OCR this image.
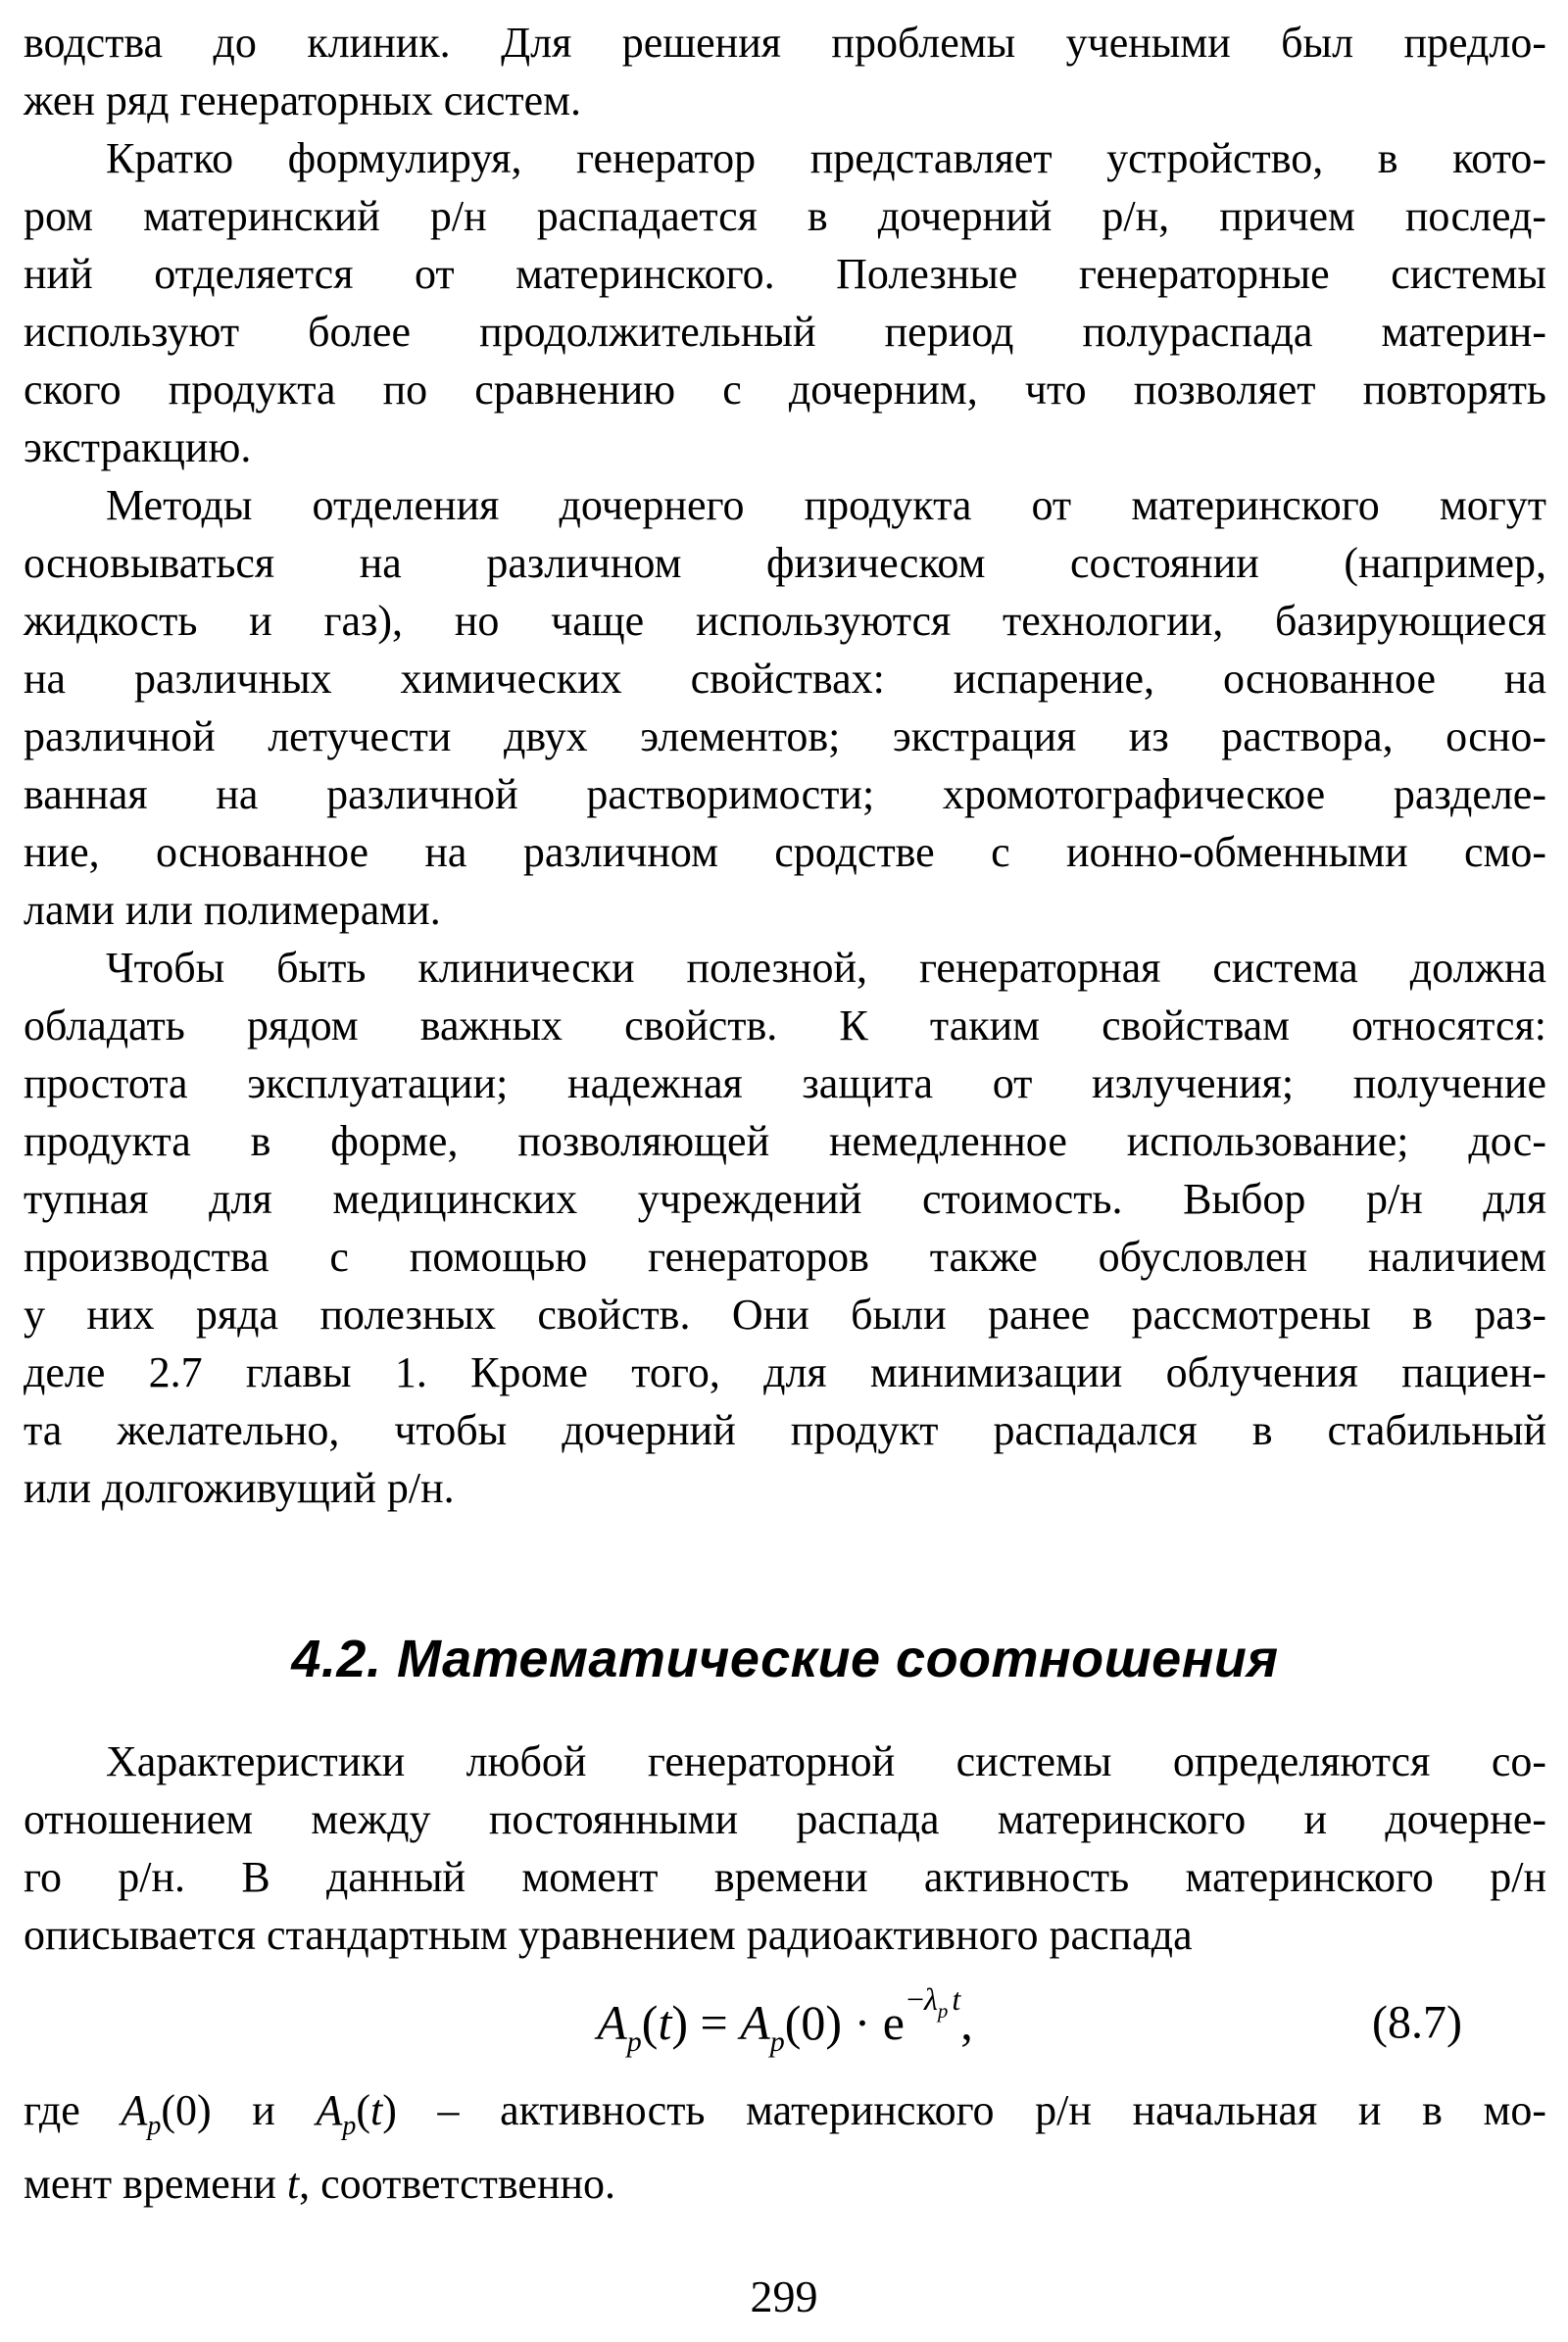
водства до клиник. Для решения проблемы учеными был предло-
жен ряд генераторных систем.
Кратко формулируя, генератор представляет устройство, в кото-
ром материнский р/н распадается в дочерний р/н, причем послед-
ний отделяется от материнского. Полезные генераторные системы
используют более продолжительный период полураспада материн-
ского продукта по сравнению с дочерним, что позволяет повторять
экстракцию.
Методы отделения дочернего продукта от материнского могут
основываться на различном физическом состоянии (например,
жидкость и газ), но чаще используются технологии, базирующиеся
на различных химических свойствах: испарение, основанное на
различной летучести двух элементов; экстрация из раствора, осно-
ванная на различной растворимости; хромотографическое разделе-
ние, основанное на различном сродстве с ионно-обменными смо-
лами или полимерами.
Чтобы быть клинически полезной, генераторная система должна
обладать рядом важных свойств. К таким свойствам относятся:
простота эксплуатации; надежная защита от излучения; получение
продукта в форме, позволяющей немедленное использование; дос-
тупная для медицинских учреждений стоимость. Выбор р/н для
производства с помощью генераторов также обусловлен наличием
у них ряда полезных свойств. Они были ранее рассмотрены в раз-
деле 2.7 главы 1. Кроме того, для минимизации облучения пациен-
та желательно, чтобы дочерний продукт распадался в стабильный
или долгоживущий р/н.
4.2. Математические соотношения
Характеристики любой генераторной системы определяются со-
отношением между постоянными распада материнского и дочерне-
го р/н. В данный момент времени активность материнского р/н
описывается стандартным уравнением радиоактивного распада
$A_p(t) = A_p(0) \cdot e^{-\lambda_p t}$,	(8.7)
где $A_p(0)$ и $A_p(t)$ – активность материнского р/н начальная и в мо-
мент времени t, соответственно.
299
